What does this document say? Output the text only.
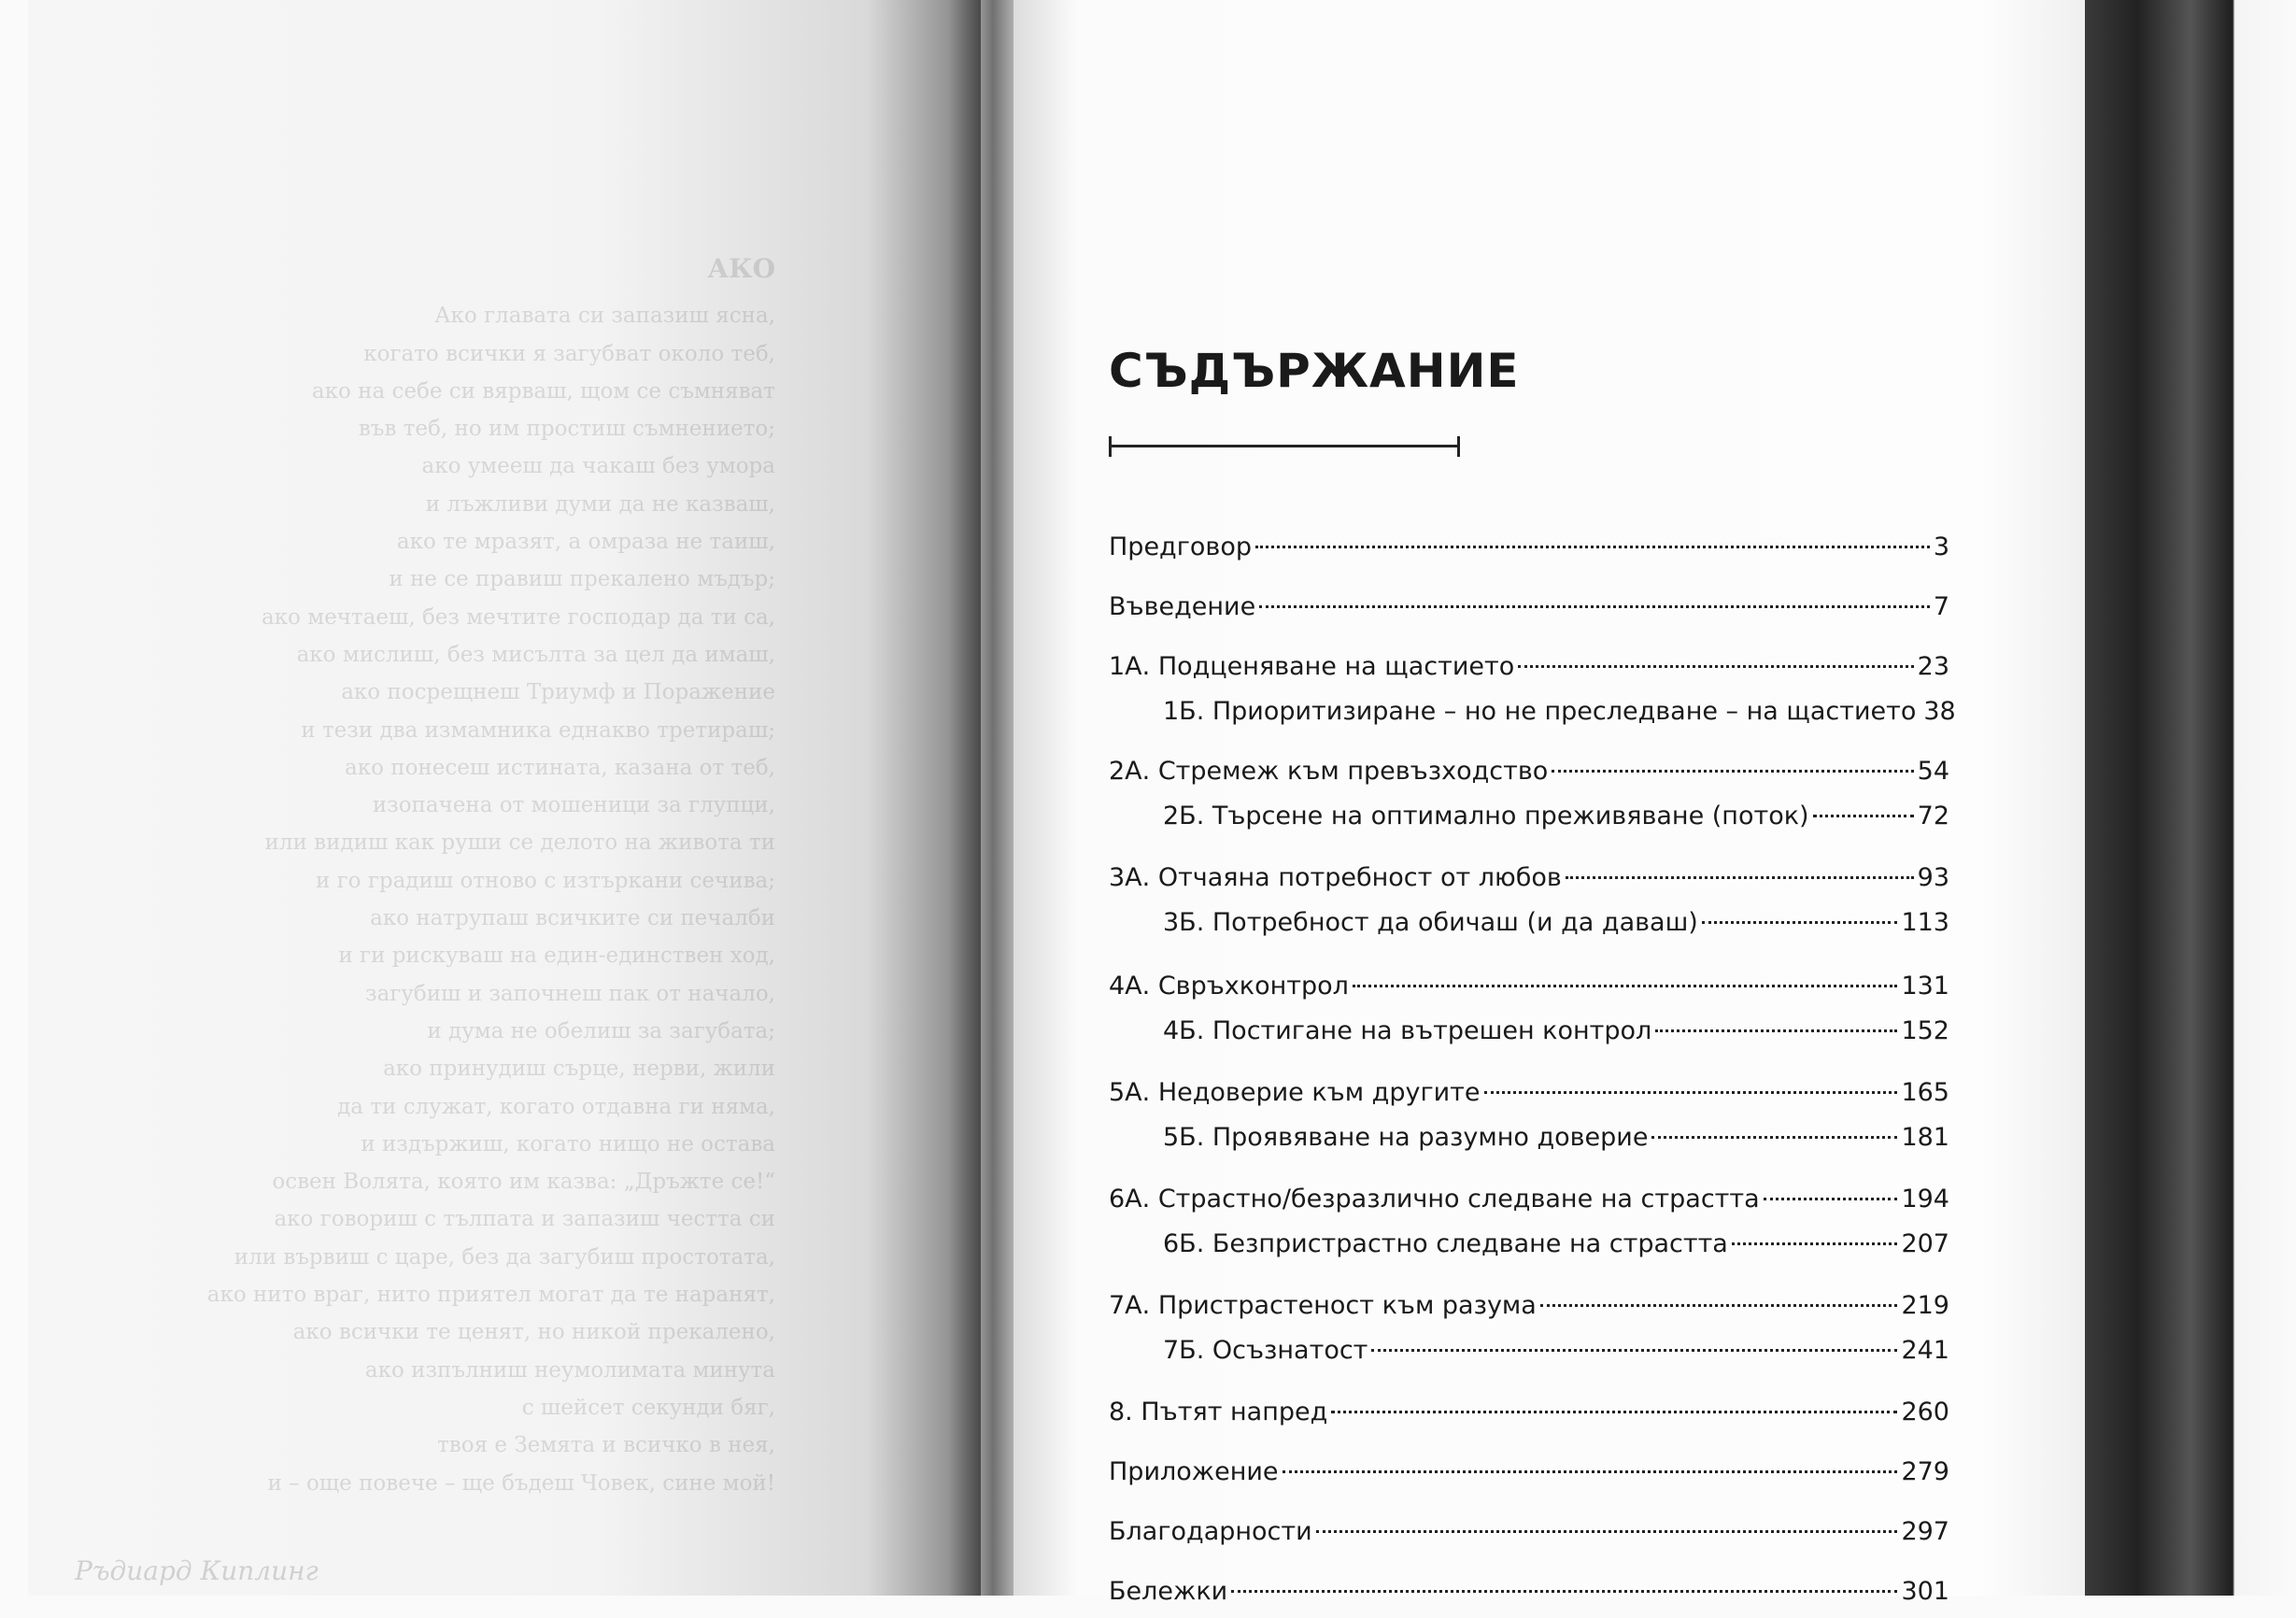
АКО
Ако главата си запазиш ясна,
когато всички я загубват около теб,
ако на себе си вярваш, щом се съмняват
във теб, но им простиш съмнението;
ако умееш да чакаш без умора
и лъжливи думи да не казваш,
ако те мразят, а омраза не таиш,
и не се правиш прекалено мъдър;
ако мечтаеш, без мечтите господар да ти са,
ако мислиш, без мисълта за цел да имаш,
ако посрещнеш Триумф и Поражение
и тези два измамника еднакво третираш;
ако понесеш истината, казана от теб,
изопачена от мошеници за глупци,
или видиш как руши се делото на живота ти
и го градиш отново с изтъркани сечива;
ако натрупаш всичките си печалби
и ги рискуваш на един-единствен ход,
загубиш и започнеш пак от начало,
и дума не обелиш за загубата;
ако принудиш сърце, нерви, жили
да ти служат, когато отдавна ги няма,
и издържиш, когато нищо не остава
освен Волята, която им казва: „Дръжте се!“
ако говориш с тълпата и запазиш честта си
или вървиш с царе, без да загубиш простотата,
ако нито враг, нито приятел могат да те наранят,
ако всички те ценят, но никой прекалено,
ако изпълниш неумолимата минута
с шейсет секунди бяг,
твоя е Земята и всичко в нея,
и – още повече – ще бъдеш Човек, сине мой!
Ръдиард Киплинг
СЪДЪРЖАНИЕ
Предговор	3
Въведение	7
1А. Подценяване на щастието	23
1Б. Приоритизиране – но не преследване – на щастието 38
2А. Стремеж към превъзходство	54
2Б. Търсене на оптимално преживяване (поток)	72
3А. Отчаяна потребност от любов	93
3Б. Потребност да обичаш (и да даваш)	113
4А. Свръхконтрол	131
4Б. Постигане на вътрешен контрол	152
5А. Недоверие към другите	165
5Б. Проявяване на разумно доверие	181
6А. Страстно/безразлично следване на страстта	194
6Б. Безпристрастно следване на страстта	207
7А. Пристрастеност към разума	219
7Б. Осъзнатост	241
8. Пътят напред	260
Приложение	279
Благодарности	297
Бележки	301
